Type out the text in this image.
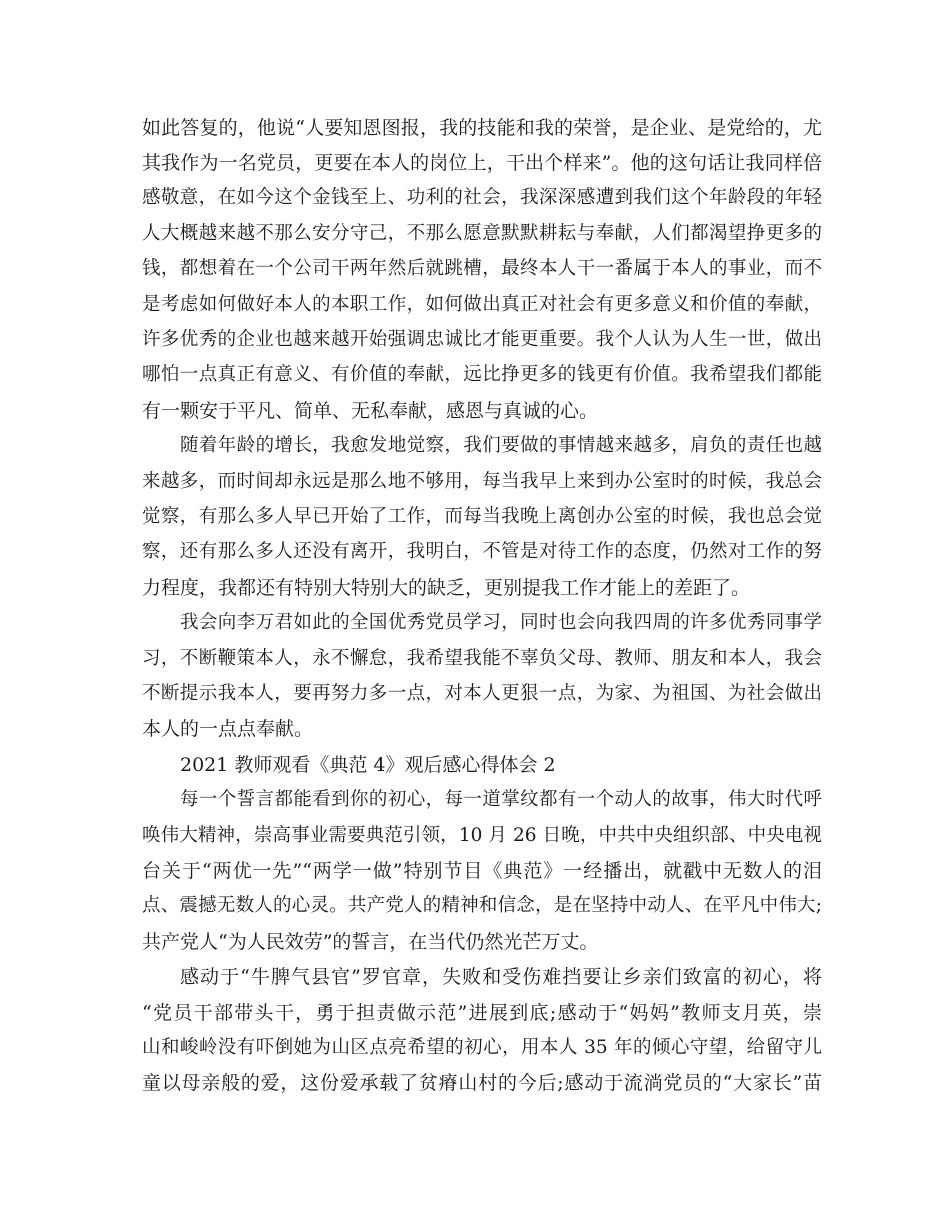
如此答复的，他说“人要知恩图报，我的技能和我的荣誉，是企业、是党给的，尤
其我作为一名党员，更要在本人的岗位上，干出个样来”。他的这句话让我同样倍
感敬意，在如今这个金钱至上、功利的社会，我深深感遭到我们这个年龄段的年轻
人大概越来越不那么安分守己，不那么愿意默默耕耘与奉献，人们都渴望挣更多的
钱，都想着在一个公司干两年然后就跳槽，最终本人干一番属于本人的事业，而不
是考虑如何做好本人的本职工作，如何做出真正对社会有更多意义和价值的奉献，
许多优秀的企业也越来越开始强调忠诚比才能更重要。我个人认为人生一世，做出
哪怕一点真正有意义、有价值的奉献，远比挣更多的钱更有价值。我希望我们都能
有一颗安于平凡、简单、无私奉献，感恩与真诚的心。
随着年龄的增长，我愈发地觉察，我们要做的事情越来越多，肩负的责任也越
来越多，而时间却永远是那么地不够用，每当我早上来到办公室时的时候，我总会
觉察，有那么多人早已开始了工作，而每当我晚上离创办公室的时候，我也总会觉
察，还有那么多人还没有离开，我明白，不管是对待工作的态度，仍然对工作的努
力程度，我都还有特别大特别大的缺乏，更别提我工作才能上的差距了。
我会向李万君如此的全国优秀党员学习，同时也会向我四周的许多优秀同事学
习，不断鞭策本人，永不懈怠，我希望我能不辜负父母、教师、朋友和本人，我会
不断提示我本人，要再努力多一点，对本人更狠一点，为家、为祖国、为社会做出
本人的一点点奉献。
2021 教师观看《典范 4》观后感心得体会 2
每一个誓言都能看到你的初心，每一道掌纹都有一个动人的故事，伟大时代呼
唤伟大精神，崇高事业需要典范引领，10 月 26 日晚，中共中央组织部、中央电视
台关于“两优一先”“两学一做”特别节目《典范》一经播出，就戳中无数人的泪
点、震撼无数人的心灵。共产党人的精神和信念，是在坚持中动人、在平凡中伟大;
共产党人“为人民效劳”的誓言，在当代仍然光芒万丈。
感动于“牛脾气县官”罗官章，失败和受伤难挡要让乡亲们致富的初心，将
“党员干部带头干，勇于担责做示范”进展到底;感动于“妈妈”教师支月英，崇
山和峻岭没有吓倒她为山区点亮希望的初心，用本人 35 年的倾心守望，给留守儿
童以母亲般的爱，这份爱承载了贫瘠山村的今后;感动于流淌党员的“大家长”苗
